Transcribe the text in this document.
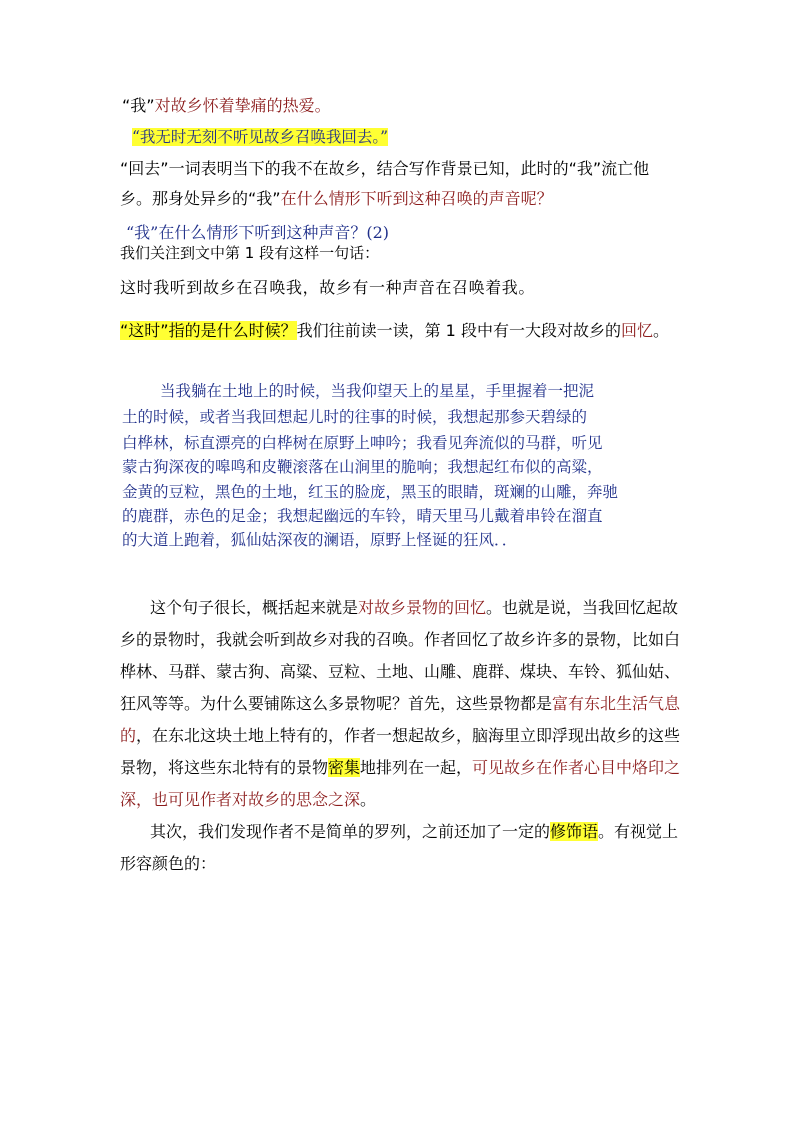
“我”对故乡怀着挚痛的热爱。
“我无时无刻不听见故乡召唤我回去。”
“回去”一词表明当下的我不在故乡，结合写作背景已知，此时的“我”流亡他
乡。那身处异乡的“我”在什么情形下听到这种召唤的声音呢？
“我”在什么情形下听到这种声音？(2)
我们关注到文中第 1 段有这样一句话：
这时我听到故乡在召唤我，故乡有一种声音在召唤着我。
“这时”指的是什么时候？我们往前读一读，第 1 段中有一大段对故乡的回忆。
当我躺在土地上的时候，当我仰望天上的星星，手里握着一把泥
土的时候，或者当我回想起儿时的往事的时候，我想起那参天碧绿的
白桦林，标直漂亮的白桦树在原野上呻吟；我看见奔流似的马群，听见
蒙古狗深夜的嗥鸣和皮鞭滚落在山涧里的脆响；我想起红布似的高粱，
金黄的豆粒，黑色的土地，红玉的脸庞，黑玉的眼睛，斑斓的山雕，奔驰
的鹿群，赤色的足金；我想起幽远的车铃，晴天里马儿戴着串铃在溜直
的大道上跑着，狐仙姑深夜的澜语，原野上怪诞的狂风．．
这个句子很长，概括起来就是对故乡景物的回忆。也就是说，当我回忆起故
乡的景物时，我就会听到故乡对我的召唤。作者回忆了故乡许多的景物，比如白
桦林、马群、蒙古狗、高粱、豆粒、土地、山雕、鹿群、煤块、车铃、狐仙姑、
狂风等等。为什么要铺陈这么多景物呢？首先，这些景物都是富有东北生活气息
的，在东北这块土地上特有的，作者一想起故乡，脑海里立即浮现出故乡的这些
景物，将这些东北特有的景物密集地排列在一起，可见故乡在作者心目中烙印之
深，也可见作者对故乡的思念之深。
其次，我们发现作者不是简单的罗列，之前还加了一定的修饰语。有视觉上
形容颜色的：
